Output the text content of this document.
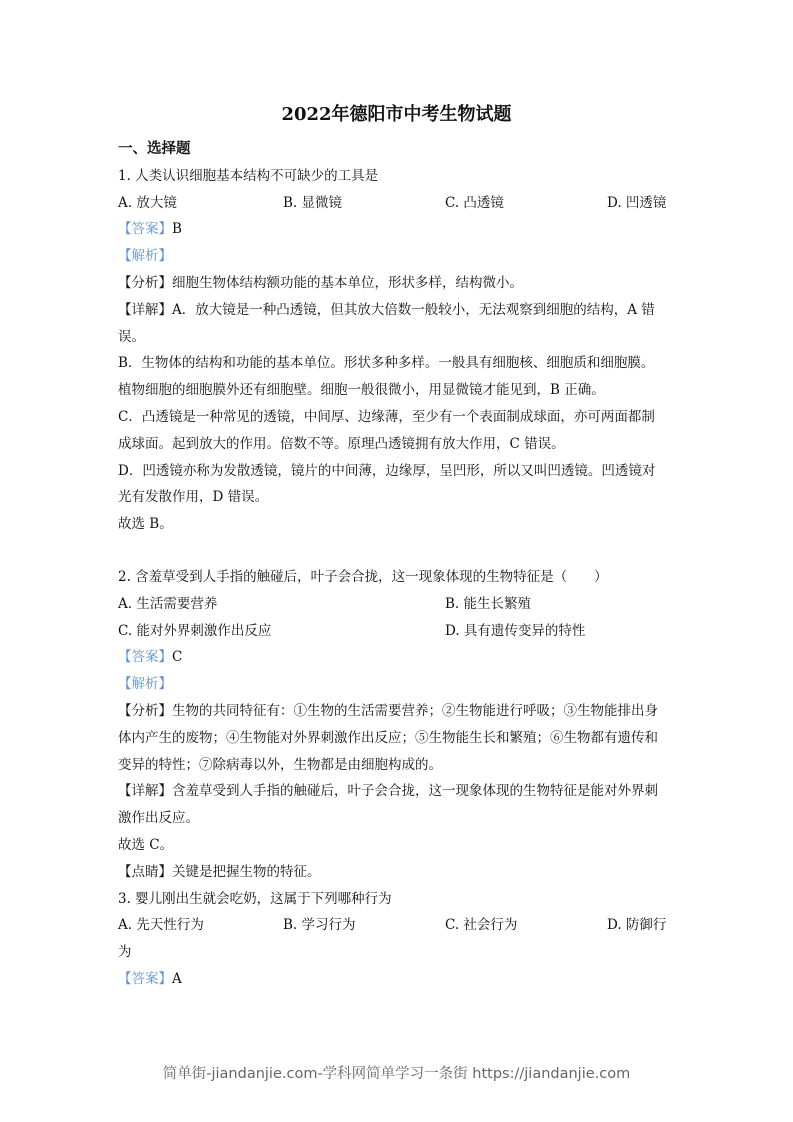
2022年德阳市中考生物试题
一、选择题
1. 人类认识细胞基本结构不可缺少的工具是
A. 放大镜	B. 显微镜	C. 凸透镜	D. 凹透镜
【答案】B
【解析】
【分析】细胞生物体结构额功能的基本单位，形状多样，结构微小。
【详解】A．放大镜是一种凸透镜，但其放大倍数一般较小，无法观察到细胞的结构，A 错
误。
B．生物体的结构和功能的基本单位。形状多种多样。一般具有细胞核、细胞质和细胞膜。
植物细胞的细胞膜外还有细胞壁。细胞一般很微小，用显微镜才能见到，B 正确。
C．凸透镜是一种常见的透镜，中间厚、边缘薄，至少有一个表面制成球面，亦可两面都制
成球面。起到放大的作用。倍数不等。原理凸透镜拥有放大作用，C 错误。
D．凹透镜亦称为发散透镜，镜片的中间薄，边缘厚，呈凹形，所以又叫凹透镜。凹透镜对
光有发散作用，D 错误。
故选 B。
2. 含羞草受到人手指的触碰后，叶子会合拢，这一现象体现的生物特征是（　　）
A. 生活需要营养	B. 能生长繁殖
C. 能对外界刺激作出反应	D. 具有遗传变异的特性
【答案】C
【解析】
【分析】生物的共同特征有：①生物的生活需要营养；②生物能进行呼吸；③生物能排出身
体内产生的废物；④生物能对外界刺激作出反应；⑤生物能生长和繁殖；⑥生物都有遗传和
变异的特性；⑦除病毒以外，生物都是由细胞构成的。
【详解】含羞草受到人手指的触碰后，叶子会合拢，这一现象体现的生物特征是能对外界刺
激作出反应。
故选 C。
【点睛】关键是把握生物的特征。
3. 婴儿刚出生就会吃奶，这属于下列哪种行为
A. 先天性行为	B. 学习行为	C. 社会行为	D. 防御行
为
【答案】A
简单街-jiandanjie.com-学科网简单学习一条街 https://jiandanjie.com
